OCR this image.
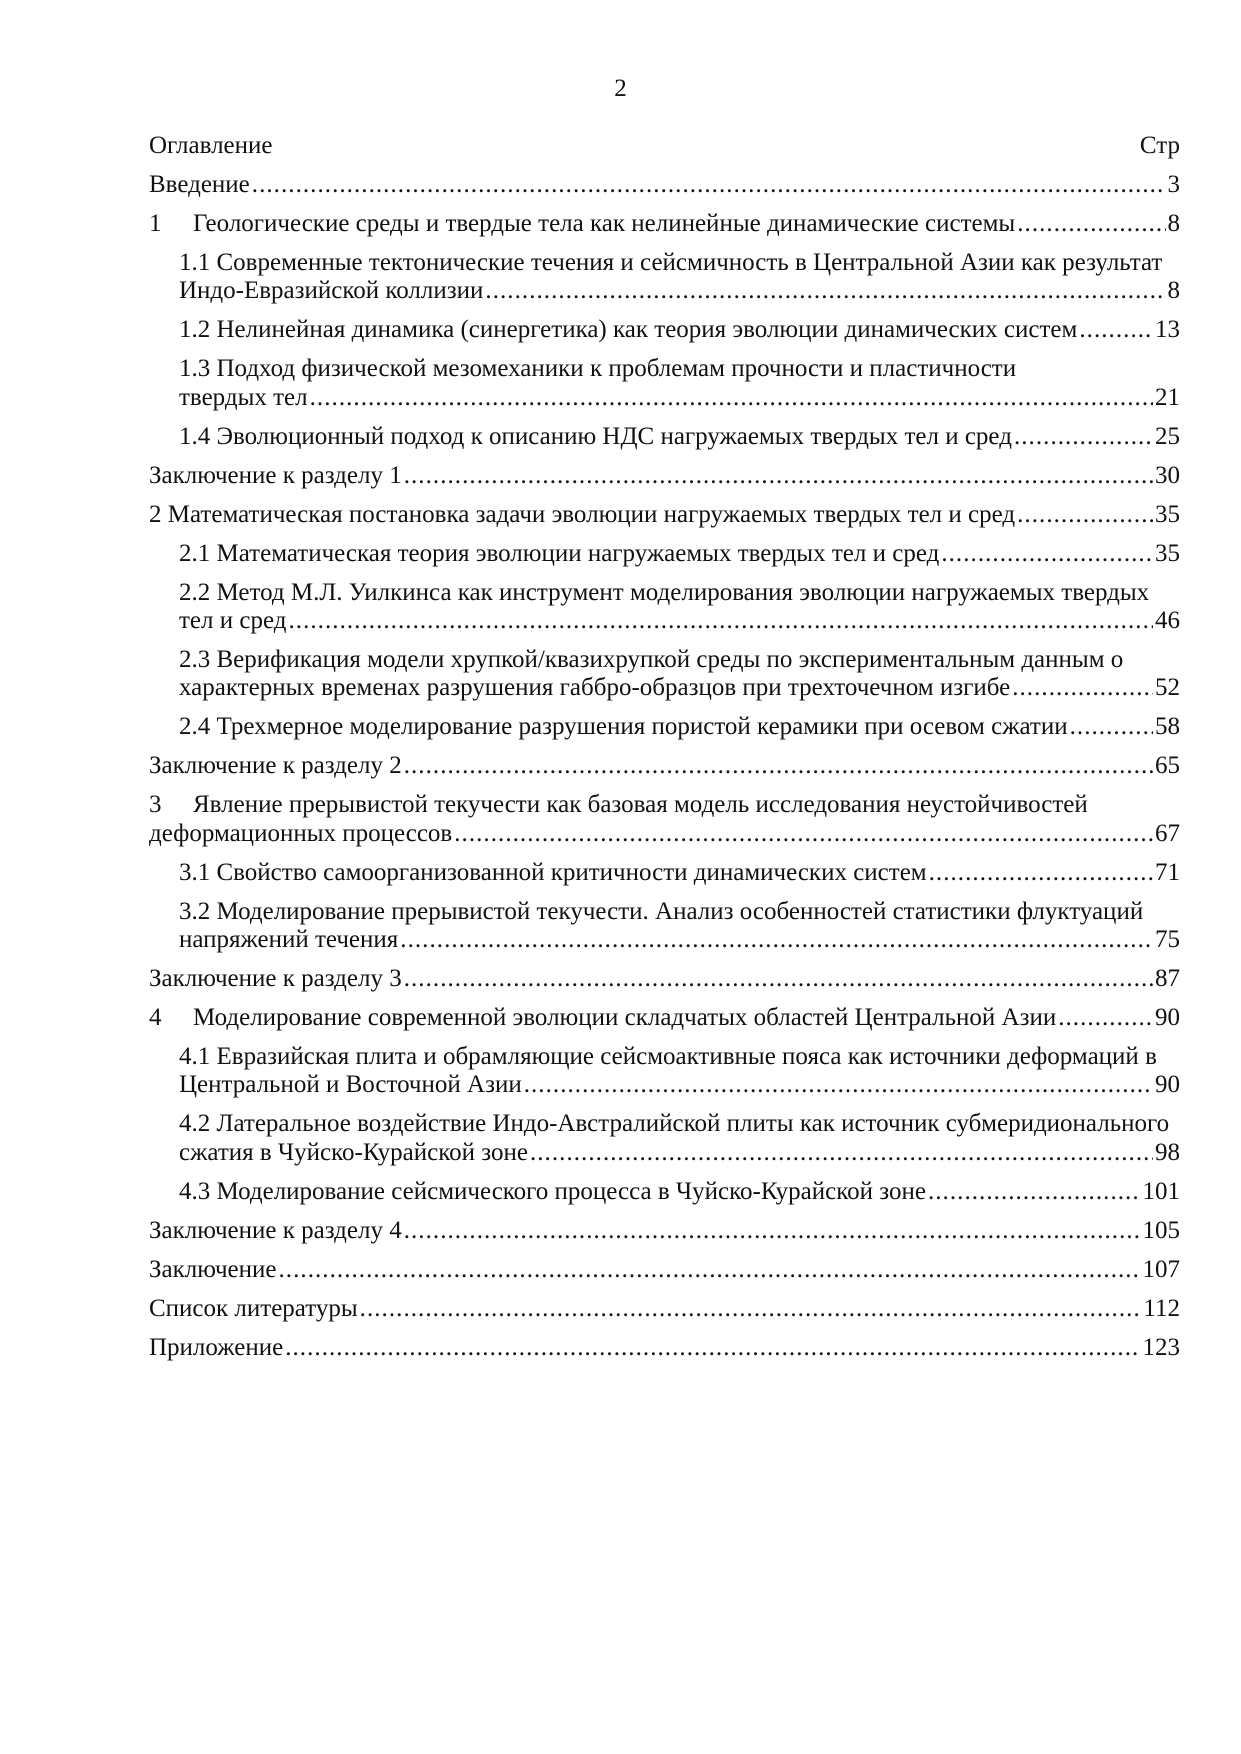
2
Оглавление	Стр
Введение . . .	3
1	Геологические среды и твердые тела как нелинейные динамические системы . . .	8
1.1 Современные тектонические течения и сейсмичность в Центральной Азии как результат
Индо-Евразийской коллизии . . .	8
1.2 Нелинейная динамика (синергетика) как теория эволюции динамических систем . . .	13
1.3 Подход физической мезомеханики к проблемам прочности и пластичности
твердых тел . . .	21
1.4 Эволюционный подход к описанию НДС нагружаемых твердых тел и сред . . .	25
Заключение к разделу 1 . . .	30
2 Математическая постановка задачи эволюции нагружаемых твердых тел и сред . . .	35
2.1 Математическая теория эволюции нагружаемых твердых тел и сред . . .	35
2.2 Метод М.Л. Уилкинса как инструмент моделирования эволюции нагружаемых твердых
тел и сред . . .	46
2.3 Верификация модели хрупкой/квазихрупкой среды по экспериментальным данным о
характерных временах разрушения габбро-образцов при трехточечном изгибе . . .	52
2.4 Трехмерное моделирование разрушения пористой керамики при осевом сжатии . . .	58
Заключение к разделу 2 . . .	65
3	Явление прерывистой текучести как базовая модель исследования неустойчивостей
деформационных процессов . . .	67
3.1 Свойство самоорганизованной критичности динамических систем . . .	71
3.2 Моделирование прерывистой текучести. Анализ особенностей статистики флуктуаций
напряжений течения . . .	75
Заключение к разделу 3 . . .	87
4	Моделирование современной эволюции складчатых областей Центральной Азии . . .	90
4.1 Евразийская плита и обрамляющие сейсмоактивные пояса как источники деформаций в
Центральной и Восточной Азии . . .	90
4.2 Латеральное воздействие Индо-Австралийской плиты как источник субмеридионального
сжатия в Чуйско-Курайской зоне . . .	98
4.3 Моделирование сейсмического процесса в Чуйско-Курайской зоне . . .	101
Заключение к разделу 4 . . .	105
Заключение . . .	107
Список литературы . . .	112
Приложение . . .	123
